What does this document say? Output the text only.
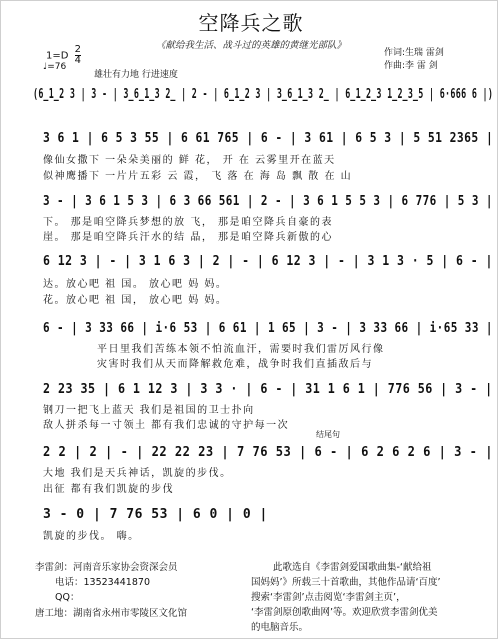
空降兵之歌
《献给我生活、战斗过的英雄的黄继光部队》
$1=D \frac{2}{4}$
♩=76
雄壮有力地 行进速度
作词:生瑞 雷剑
作曲:李 雷 剑
(6̲1̲2 3 | 3 - | 3̲6̲1̲3 2̲ | 2 - | 6̲1̲2 3 | 3̲6̲1̲3 2̲ | 6̲1̲2̲3 1̲2̲3̲5 | 6·666 6 |)
3 6 1 | 6 5 3 55 | 6 61 765 | 6 - | 3 61 | 6 5 3 | 5 51 2365 |
像仙女撒下 一朵朵美丽的 鲜 花， 开 在 云雾里开在蓝天
似神鹰播下 一片片五彩 云 霞， 飞 落 在 海 岛 飘 散 在 山
3 - | 3 6 1 5 3 | 6 3 66 561 | 2 - | 3 6 1 5 5 3 | 6 776 | 5 3 |
下。 那是咱空降兵梦想的放 飞， 那是咱空降兵自豪的表
崖。 那是咱空降兵汗水的结 晶， 那是咱空降兵新傲的心
6 12 3 | - | 3 1 6 3 | 2 | - | 6 12 3 | - | 3 1 3 · 5 | 6 - |
达。放心吧 祖 国。 放心吧 妈 妈。
花。放心吧 祖 国， 放心吧 妈 妈。
6 - | 3 33 66 | i·6 53 | 6 61 | 1 65 | 3 - | 3 33 66 | i·65 33 |
平日里我们苦练本领不怕流血汗，需要时我们雷厉风行像
灾害时我们从天而降解救危难，战争时我们直插敌后与
2 23 35 | 6 1 12 3 | 3 3 · | 6 - | 31 1 6 1 | 776 56 | 3 - |
钢刀一把飞上蓝天 我们是祖国的卫士扑向
敌人拼杀每一寸领土 都有我们忠诚的守护每一次
结尾句
2 2 | 2 | - | 22 22 23 | 7 76 53 | 6 - | 6 2 6 2 6 | 3 - |
大地 我们是天兵神话，凯旋的步伐。
出征 都有我们凯旋的步伐
3 - 0 | 7 76 53 | 6 0 | 0 |
凯旋的步伐。 嗨。
李雷剑：河南音乐家协会资深会员
电话：13523441870
QQ：
唐工地：湖南省永州市零陵区文化馆
此歌选自《李雷剑爱国歌曲集-‘献给祖
国妈妈’》所载三十首歌曲，其他作品请‘百度’
搜索‘李雷剑’点击阅览‘李雷剑主页’，
‘李雷剑原创歌曲网’等。欢迎欣赏李雷剑优美
的电脑音乐。
